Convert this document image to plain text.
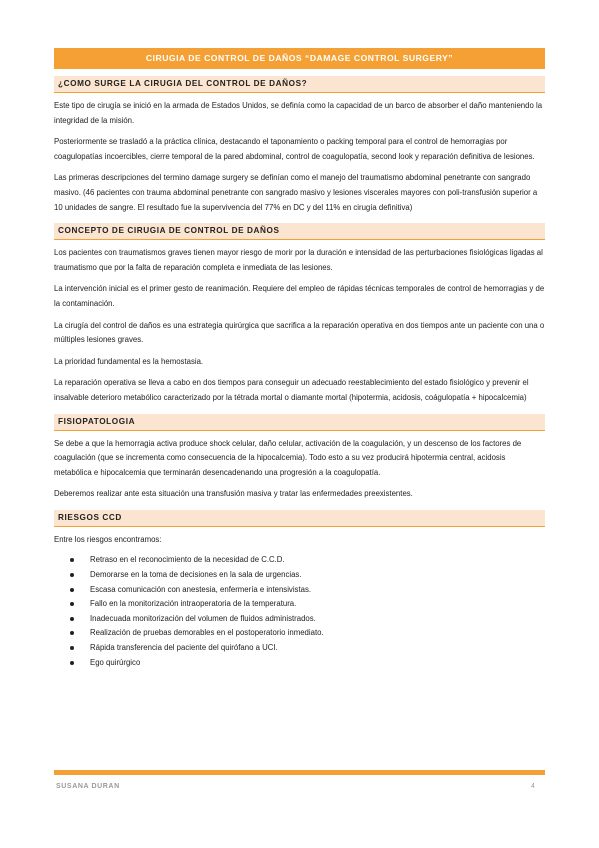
CIRUGIA DE CONTROL DE DAÑOS “DAMAGE CONTROL SURGERY”
¿COMO SURGE LA CIRUGIA DEL CONTROL DE DAÑOS?

Este tipo de cirugía se inició en la armada de Estados Unidos, se definía como la capacidad de un barco de absorber el daño manteniendo la integridad de la misión.

Posteriormente se trasladó a la práctica clínica, destacando el taponamiento o packing temporal para el control de hemorragias por coagulopatías incoercibles, cierre temporal de la pared abdominal, control de coagulopatía, second look y reparación definitiva de lesiones.

Las primeras descripciones del termino damage surgery se definían como el manejo del traumatismo abdominal penetrante con sangrado masivo. (46 pacientes con trauma abdominal penetrante con sangrado masivo y lesiones viscerales mayores con poli-transfusión superior a 10 unidades de sangre. El resultado fue la supervivencia del 77% en DC y del 11% en cirugía definitiva)

CONCEPTO DE CIRUGIA DE CONTROL DE DAÑOS

Los pacientes con traumatismos graves tienen mayor riesgo de morir por la duración e intensidad de las perturbaciones fisiológicas ligadas al traumatismo que por la falta de reparación completa e inmediata de las lesiones.

La intervención inicial es el primer gesto de reanimación. Requiere del empleo de rápidas técnicas temporales de control de hemorragias y de la contaminación.

La cirugía del control de daños es una estrategia quirúrgica que sacrifica a la reparación operativa en dos tiempos ante un paciente con una o múltiples lesiones graves.

La prioridad fundamental es la hemostasia.

La reparación operativa se lleva a cabo en dos tiempos para conseguir un adecuado reestablecimiento del estado fisiológico y prevenir el insalvable deterioro metabólico caracterizado por la tétrada mortal o diamante mortal (hipotermia, acidosis, coágulopatía + hipocalcemia)

FISIOPATOLOGIA

Se debe a que la hemorragia activa produce shock celular, daño celular, activación de la coagulación, y un descenso de los factores de coagulación (que se incrementa como consecuencia de la hipocalcemia). Todo esto a su vez producirá hipotermia central, acidosis metabólica e hipocalcemia que terminarán desencadenando una progresión a la coagulopatía.

Deberemos realizar ante esta situación una transfusión masiva y tratar las enfermedades preexistentes.

RIESGOS CCD

Entre los riesgos encontramos:

Retraso en el reconocimiento de la necesidad de C.C.D.
Demorarse en la toma de decisiones en la sala de urgencias.
Escasa comunicación con anestesia, enfermería e intensivistas.
Fallo en la monitorización intraoperatoria de la temperatura.
Inadecuada monitorización del volumen de fluidos administrados.
Realización de pruebas demorables en el postoperatorio inmediato.
Rápida transferencia del paciente del quirófano a UCI.
Ego quirúrgico
SUSANA DURAN	4
